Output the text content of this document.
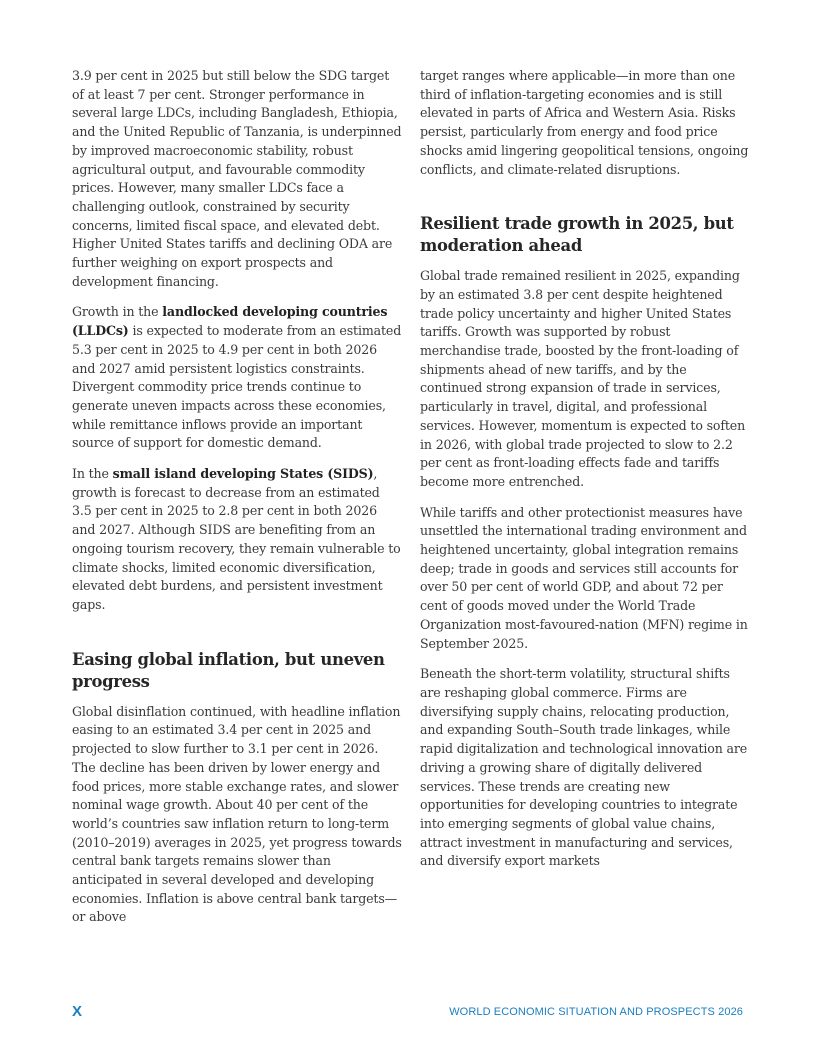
3.9 per cent in 2025 but still below the SDG target of at least 7 per cent. Stronger performance in several large LDCs, including Bangladesh, Ethiopia, and the United Republic of Tanzania, is underpinned by improved macroeconomic stability, robust agricultural output, and favourable commodity prices. However, many smaller LDCs face a challenging outlook, constrained by security concerns, limited fiscal space, and elevated debt. Higher United States tariffs and declining ODA are further weighing on export prospects and development financing.

Growth in the landlocked developing countries (LLDCs) is expected to moderate from an estimated 5.3 per cent in 2025 to 4.9 per cent in both 2026 and 2027 amid persistent logistics constraints. Divergent commodity price trends continue to generate uneven impacts across these economies, while remittance inflows provide an important source of support for domestic demand.

In the small island developing States (SIDS), growth is forecast to decrease from an estimated 3.5 per cent in 2025 to 2.8 per cent in both 2026 and 2027. Although SIDS are benefiting from an ongoing tourism recovery, they remain vulnerable to climate shocks, limited economic diversification, elevated debt burdens, and persistent investment gaps.

Easing global inflation, but uneven progress

Global disinflation continued, with headline inflation easing to an estimated 3.4 per cent in 2025 and projected to slow further to 3.1 per cent in 2026. The decline has been driven by lower energy and food prices, more stable exchange rates, and slower nominal wage growth. About 40 per cent of the world’s countries saw inflation return to long-term (2010–2019) averages in 2025, yet progress towards central bank targets remains slower than anticipated in several developed and developing economies. Inflation is above central bank targets—or above

target ranges where applicable—in more than one third of inflation-targeting economies and is still elevated in parts of Africa and Western Asia. Risks persist, particularly from energy and food price shocks amid lingering geopolitical tensions, ongoing conflicts, and climate-related disruptions.

Resilient trade growth in 2025, but moderation ahead

Global trade remained resilient in 2025, expanding by an estimated 3.8 per cent despite heightened trade policy uncertainty and higher United States tariffs. Growth was supported by robust merchandise trade, boosted by the front-loading of shipments ahead of new tariffs, and by the continued strong expansion of trade in services, particularly in travel, digital, and professional services. However, momentum is expected to soften in 2026, with global trade projected to slow to 2.2 per cent as front-loading effects fade and tariffs become more entrenched.

While tariffs and other protectionist measures have unsettled the international trading environment and heightened uncertainty, global integration remains deep; trade in goods and services still accounts for over 50 per cent of world GDP, and about 72 per cent of goods moved under the World Trade Organization most-favoured-nation (MFN) regime in September 2025.

Beneath the short-term volatility, structural shifts are reshaping global commerce. Firms are diversifying supply chains, relocating production, and expanding South–South trade linkages, while rapid digitalization and technological innovation are driving a growing share of digitally delivered services. These trends are creating new opportunities for developing countries to integrate into emerging segments of global value chains, attract investment in manufacturing and services, and diversify export markets

X	WORLD ECONOMIC SITUATION AND PROSPECTS 2026
